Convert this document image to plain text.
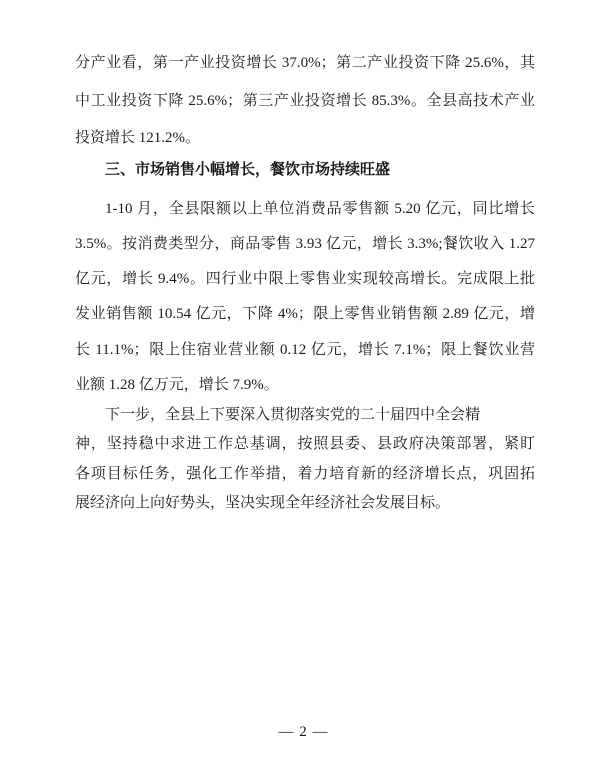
分产业看，第一产业投资增长 37.0%；第二产业投资下降 25.6%，其
中工业投资下降 25.6%；第三产业投资增长 85.3%。全县高技术产业
投资增长 121.2%。
三、市场销售小幅增长，餐饮市场持续旺盛
1-10 月，全县限额以上单位消费品零售额 5.20 亿元，同比增长
3.5%。按消费类型分，商品零售 3.93 亿元，增长 3.3%;餐饮收入 1.27
亿元，增长 9.4%。四行业中限上零售业实现较高增长。完成限上批
发业销售额 10.54 亿元，下降 4%；限上零售业销售额 2.89 亿元，增
长 11.1%；限上住宿业营业额 0.12 亿元，增长 7.1%；限上餐饮业营
业额 1.28 亿万元，增长 7.9%。
下一步，全县上下要深入贯彻落实党的二十届四中全会精
神，坚持稳中求进工作总基调，按照县委、县政府决策部署，紧盯
各项目标任务，强化工作举措，着力培育新的经济增长点，巩固拓
展经济向上向好势头，坚决实现全年经济社会发展目标。
— 2 —
